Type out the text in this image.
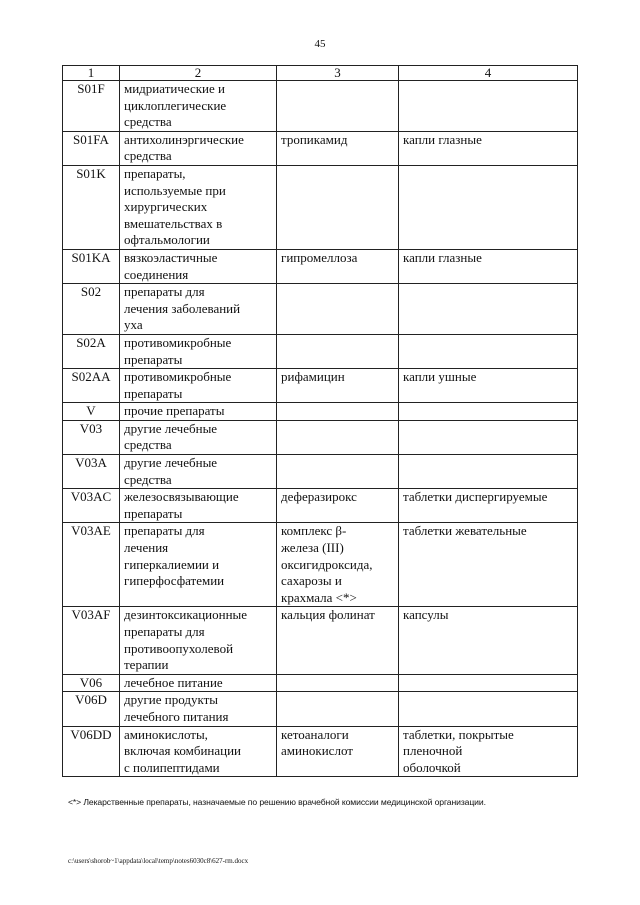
45
1	2	3	4
S01F	мидриатические и
циклоплегические
средства		
S01FA	антихолинэргические
средства	тропикамид	капли глазные
S01K	препараты,
используемые при
хирургических
вмешательствах в
офтальмологии		
S01KA	вязкоэластичные
соединения	гипромеллоза	капли глазные
S02	препараты для
лечения заболеваний
уха		
S02A	противомикробные
препараты		
S02AA	противомикробные
препараты	рифамицин	капли ушные
V	прочие препараты		
V03	другие лечебные
средства		
V03A	другие лечебные
средства		
V03AC	железосвязывающие
препараты	деферазирокс	таблетки диспергируемые
V03AE	препараты для
лечения
гиперкалиемии и
гиперфосфатемии	комплекс β-
железа (III)
оксигидроксида,
сахарозы и
крахмала <*>	таблетки жевательные
V03AF	дезинтоксикационные
препараты для
противоопухолевой
терапии	кальция фолинат	капсулы
V06	лечебное питание		
V06D	другие продукты
лечебного питания		
V06DD	аминокислоты,
включая комбинации
с полипептидами	кетоаналоги
аминокислот	таблетки, покрытые пленочной
оболочкой
<*> Лекарственные препараты, назначаемые по решению врачебной комиссии медицинской организации.
c:\users\shorob~1\appdata\local\temp\notes6030c8\627-rm.docx
